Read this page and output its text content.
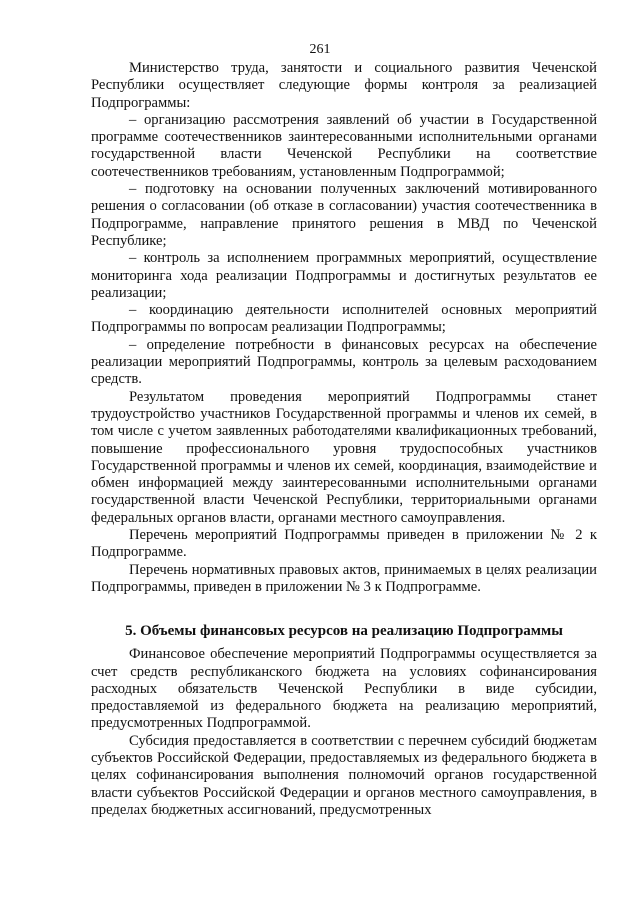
261

Министерство труда, занятости и социального развития Чеченской Республики осуществляет следующие формы контроля за реализацией Подпрограммы:

– организацию рассмотрения заявлений об участии в Государственной программе соотечественников заинтересованными исполнительными органами государственной власти Чеченской Республики на соответствие соотечественников требованиям, установленным Подпрограммой;

– подготовку на основании полученных заключений мотивированного решения о согласовании (об отказе в согласовании) участия соотечественника в Подпрограмме, направление принятого решения в МВД по Чеченской Республике;

– контроль за исполнением программных мероприятий, осуществление мониторинга хода реализации Подпрограммы и достигнутых результатов ее реализации;

– координацию деятельности исполнителей основных мероприятий Подпрограммы по вопросам реализации Подпрограммы;

– определение потребности в финансовых ресурсах на обеспечение реализации мероприятий Подпрограммы, контроль за целевым расходованием средств.

Результатом проведения мероприятий Подпрограммы станет трудоустройство участников Государственной программы и членов их семей, в том числе с учетом заявленных работодателями квалификационных требований, повышение профессионального уровня трудоспособных участников Государственной программы и членов их семей, координация, взаимодействие и обмен информацией между заинтересованными исполнительными органами государственной власти Чеченской Республики, территориальными органами федеральных органов власти, органами местного самоуправления.

Перечень мероприятий Подпрограммы приведен в приложении № 2 к Подпрограмме.

Перечень нормативных правовых актов, принимаемых в целях реализации Подпрограммы, приведен в приложении № 3 к Подпрограмме.

5. Объемы финансовых ресурсов на реализацию Подпрограммы

Финансовое обеспечение мероприятий Подпрограммы осуществляется за счет средств республиканского бюджета на условиях софинансирования расходных обязательств Чеченской Республики в виде субсидии, предоставляемой из федерального бюджета на реализацию мероприятий, предусмотренных Подпрограммой.

Субсидия предоставляется в соответствии с перечнем субсидий бюджетам субъектов Российской Федерации, предоставляемых из федерального бюджета в целях софинансирования выполнения полномочий органов государственной власти субъектов Российской Федерации и органов местного самоуправления, в пределах бюджетных ассигнований, предусмотренных
